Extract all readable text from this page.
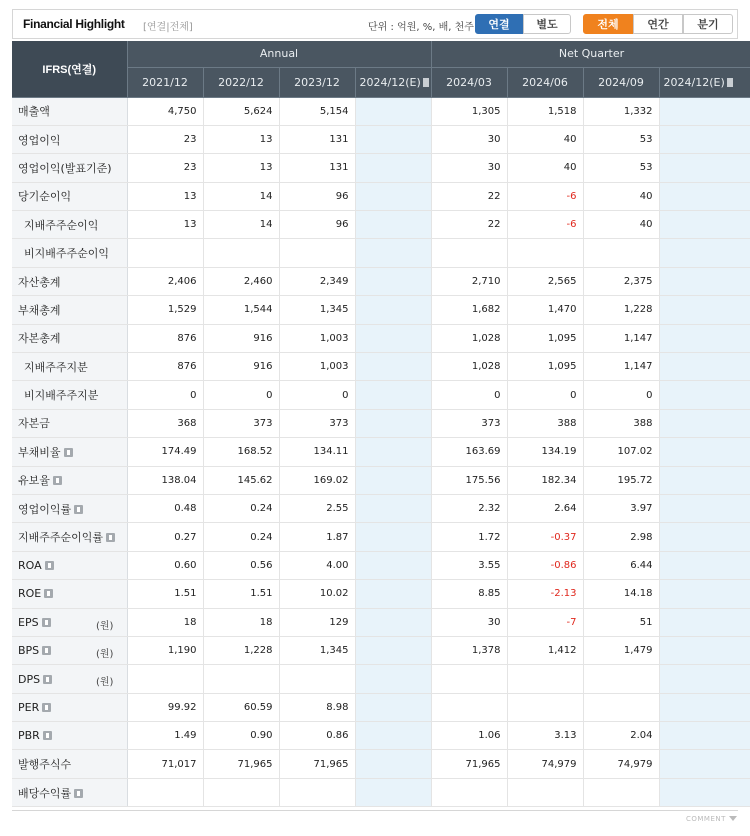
Financial Highlight [연결|전체]	단위 : 억원, %, 배, 천주	연결	별도	전체	연간	분기
IFRS(연결)	Annual				Net Quarter			
	2021/12	2022/12	2023/12	2024/12(E)	2024/03	2024/06	2024/09	2024/12(E)
매출액	4,750	5,624	5,154		1,305	1,518	1,332	
영업이익	23	13	131		30	40	53	
영업이익(발표기준)	23	13	131		30	40	53	
당기순이익	13	14	96		22	-6	40	
지배주주순이익	13	14	96		22	-6	40	
비지배주주순이익								
자산총계	2,406	2,460	2,349		2,710	2,565	2,375	
부채총계	1,529	1,544	1,345		1,682	1,470	1,228	
자본총계	876	916	1,003		1,028	1,095	1,147	
지배주주지분	876	916	1,003		1,028	1,095	1,147	
비지배주주지분	0	0	0		0	0	0	
자본금	368	373	373		373	388	388	
부채비율	174.49	168.52	134.11		163.69	134.19	107.02	
유보율	138.04	145.62	169.02		175.56	182.34	195.72	
영업이익률	0.48	0.24	2.55		2.32	2.64	3.97	
지배주주순이익률	0.27	0.24	1.87		1.72	-0.37	2.98	
ROA	0.60	0.56	4.00		3.55	-0.86	6.44	
ROE	1.51	1.51	10.02		8.85	-2.13	14.18	
EPS (원)	18	18	129		30	-7	51	
BPS (원)	1,190	1,228	1,345		1,378	1,412	1,479	
DPS (원)								

PER	99.92	60.59	8.98					
PBR	1.49	0.90	0.86		1.06	3.13	2.04	
발행주식수	71,017	71,965	71,965		71,965	74,979	74,979	
배당수익률								
COMMENT
